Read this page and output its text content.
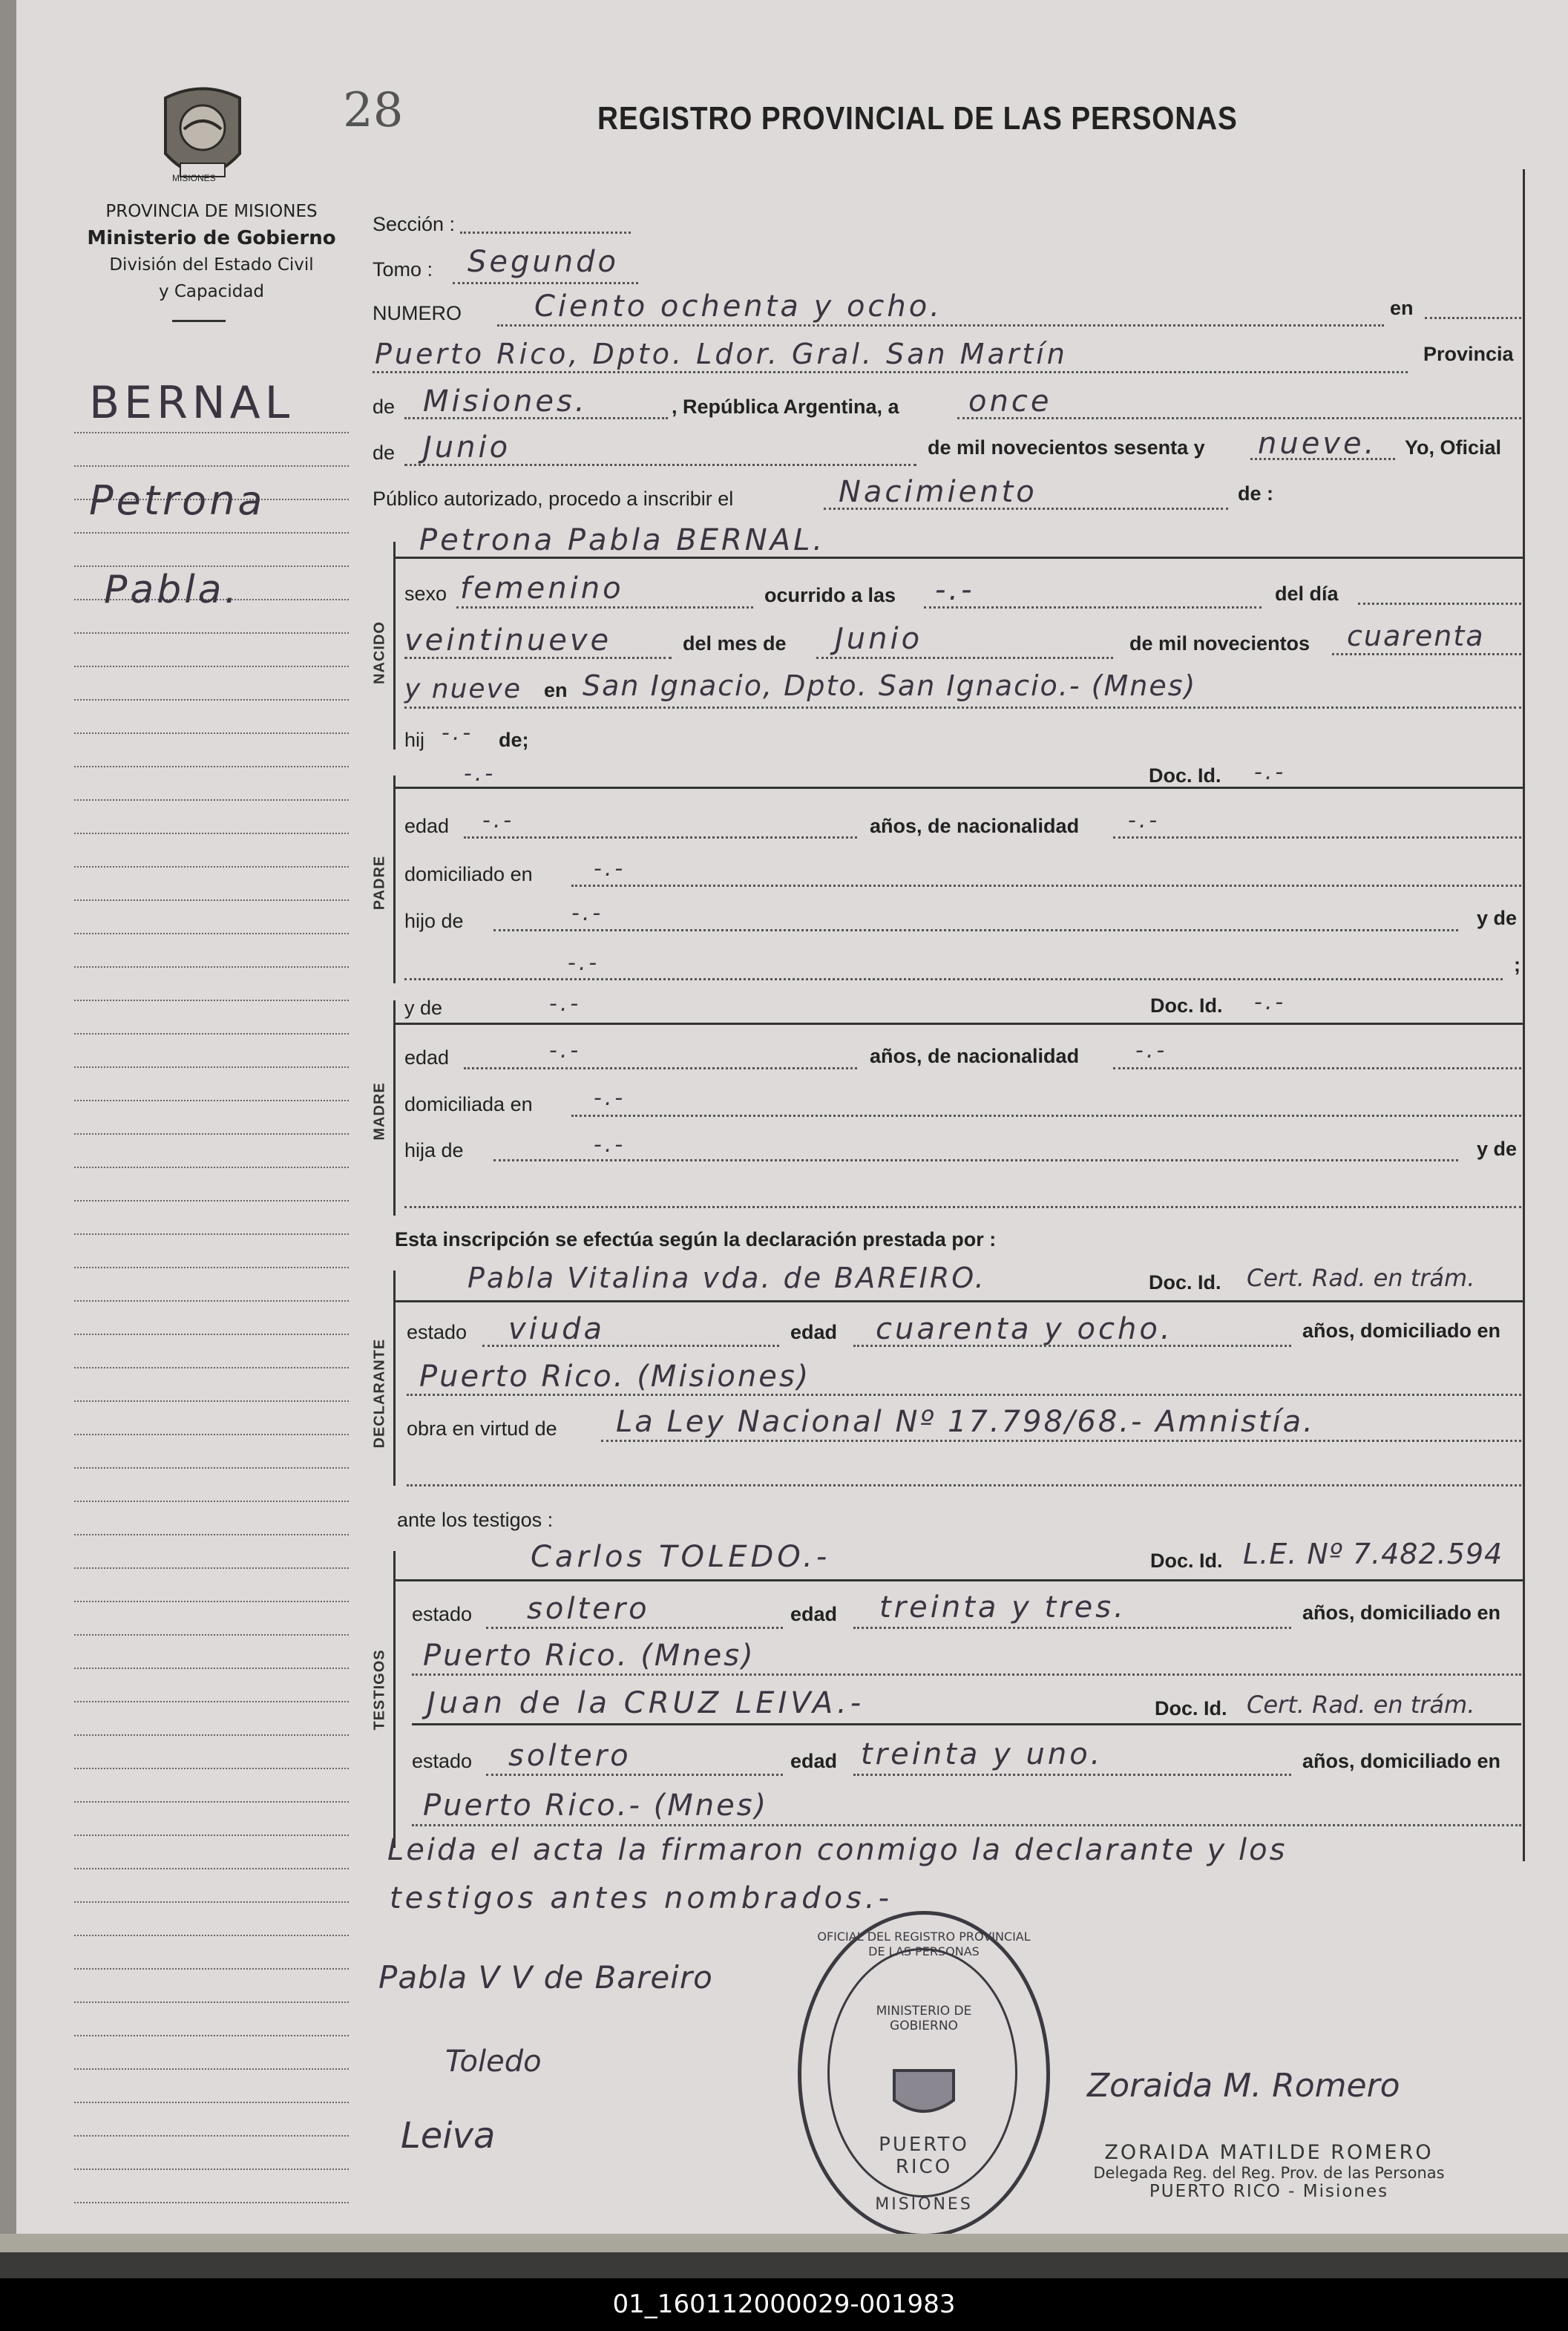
MISIONES
28	REGISTRO PROVINCIAL DE LAS PERSONAS
PROVINCIA DE MISIONES
Ministerio de Gobierno
División del Estado Civil
y Capacidad
BERNAL
Petrona
Pabla.
Sección :
Tomo : Segundo
NUMERO Ciento ochenta y ocho.	en
Puerto Rico, Dpto. Ldor. Gral. San Martín	Provincia
de Misiones.	, República Argentina, a once
de Junio	de mil novecientos sesenta y nueve. Yo, Oficial
Público autorizado, procedo a inscribir el	Nacimiento	de :
NACIDO
Petrona Pabla BERNAL.
sexo femenino	ocurrido a las -.-	del día
veintinueve	del mes de Junio	de mil novecientos cuarenta
y nueve en San Ignacio, Dpto. San Ignacio.- (Mnes)
hij -.- de;
PADRE
-.-	Doc. Id. -.-
edad -.-	años, de nacionalidad -.-
domiciliado en	-.-
hijo de	-.-	y de
-.-	;
MADRE
y de	-.-	Doc. Id. -.-
edad	-.-	años, de nacionalidad	-.-
domiciliada en	-.-
hija de	-.-	y de
Esta inscripción se efectúa según la declaración prestada por :
DECLARANTE
Pabla Vitalina vda. de BAREIRO.	Doc. Id. Cert. Rad. en trám.
estado viuda	edad cuarenta y ocho.	años, domiciliado en
Puerto Rico. (Misiones)
obra en virtud de La Ley Nacional Nº 17.798/68.- Amnistía.
ante los testigos :
TESTIGOS
Carlos TOLEDO.-	Doc. Id. L.E. Nº 7.482.594
estado soltero	edad treinta y tres.	años, domiciliado en
Puerto Rico. (Mnes)
Juan de la CRUZ LEIVA.-	Doc. Id. Cert. Rad. en trám.
estado soltero	edad treinta y uno.	años, domiciliado en
Puerto Rico.- (Mnes)
Leida el acta la firmaron conmigo la declarante y los
testigos antes nombrados.-
Pabla V V de Bareiro
Toledo
Leiva
Zoraida M. Romero
OFICIAL DEL REGISTRO PROVINCIAL DE LAS PERSONAS
MINISTERIO DE GOBIERNO
PUERTO RICO
MISIONES
ZORAIDA MATILDE ROMERO
Delegada Reg. del Reg. Prov. de las Personas
PUERTO RICO - Misiones
01_160112000029-001983
